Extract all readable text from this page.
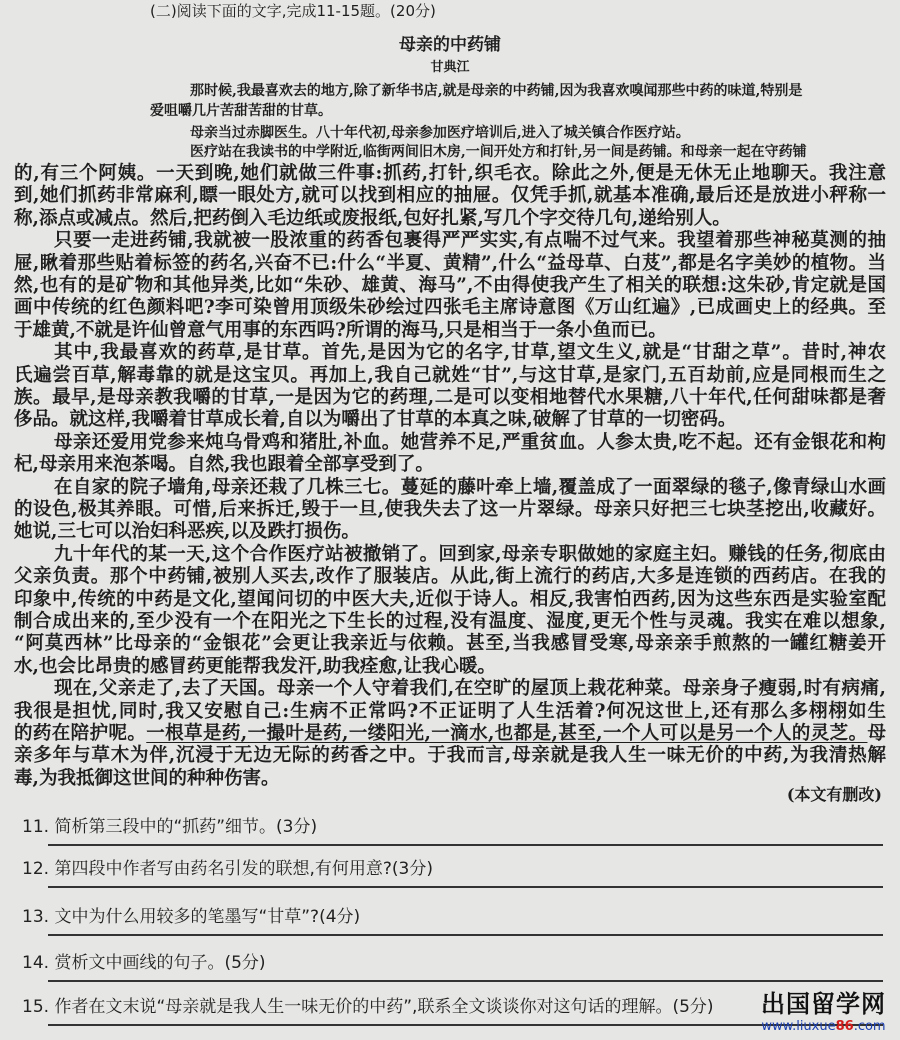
(二)阅读下面的文字,完成11-15题。(20分)
母亲的中药铺
甘典江
那时候,我最喜欢去的地方,除了新华书店,就是母亲的中药铺,因为我喜欢嗅闻那些中药的味道,特别是
爱咀嚼几片苦甜苦甜的甘草。
母亲当过赤脚医生。八十年代初,母亲参加医疗培训后,进入了城关镇合作医疗站。
医疗站在我读书的中学附近,临街两间旧木房,一间开处方和打针,另一间是药铺。和母亲一起在守药铺
的,有三个阿姨。一天到晚,她们就做三件事:抓药,打针,织毛衣。除此之外,便是无休无止地聊天。我注意
到,她们抓药非常麻利,瞟一眼处方,就可以找到相应的抽屉。仅凭手抓,就基本准确,最后还是放进小秤称一
称,添点或减点。然后,把药倒入毛边纸或废报纸,包好扎紧,写几个字交待几句,递给别人。
只要一走进药铺,我就被一股浓重的药香包裹得严严实实,有点喘不过气来。我望着那些神秘莫测的抽
屉,瞅着那些贴着标签的药名,兴奋不已:什么“半夏、黄精”,什么“益母草、白芨”,都是名字美妙的植物。当
然,也有的是矿物和其他异类,比如“朱砂、雄黄、海马”,不由得使我产生了相关的联想:这朱砂,肯定就是国
画中传统的红色颜料吧?李可染曾用顶级朱砂绘过四张毛主席诗意图《万山红遍》,已成画史上的经典。至
于雄黄,不就是许仙曾意气用事的东西吗?所谓的海马,只是相当于一条小鱼而已。
其中,我最喜欢的药草,是甘草。首先,是因为它的名字,甘草,望文生义,就是“甘甜之草”。昔时,神农
氏遍尝百草,解毒靠的就是这宝贝。再加上,我自己就姓“甘”,与这甘草,是家门,五百劫前,应是同根而生之
族。最早,是母亲教我嚼的甘草,一是因为它的药理,二是可以变相地替代水果糖,八十年代,任何甜味都是奢
侈品。就这样,我嚼着甘草成长着,自以为嚼出了甘草的本真之味,破解了甘草的一切密码。
母亲还爱用党参来炖乌骨鸡和猪肚,补血。她营养不足,严重贫血。人参太贵,吃不起。还有金银花和枸
杞,母亲用来泡茶喝。自然,我也跟着全部享受到了。
在自家的院子墙角,母亲还栽了几株三七。蔓延的藤叶牵上墙,覆盖成了一面翠绿的毯子,像青绿山水画
的设色,极其养眼。可惜,后来拆迁,毁于一旦,使我失去了这一片翠绿。母亲只好把三七块茎挖出,收藏好。
她说,三七可以治妇科恶疾,以及跌打损伤。
九十年代的某一天,这个合作医疗站被撤销了。回到家,母亲专职做她的家庭主妇。赚钱的任务,彻底由
父亲负责。那个中药铺,被别人买去,改作了服装店。从此,街上流行的药店,大多是连锁的西药店。在我的
印象中,传统的中药是文化,望闻问切的中医大夫,近似于诗人。相反,我害怕西药,因为这些东西是实验室配
制合成出来的,至少没有一个在阳光之下生长的过程,没有温度、湿度,更无个性与灵魂。我实在难以想象,
“阿莫西林”比母亲的“金银花”会更让我亲近与依赖。甚至,当我感冒受寒,母亲亲手煎熬的一罐红糖姜开
水,也会比昂贵的感冒药更能帮我发汗,助我痊愈,让我心暖。
现在,父亲走了,去了天国。母亲一个人守着我们,在空旷的屋顶上栽花种菜。母亲身子瘦弱,时有病痛,
我很是担忧,同时,我又安慰自己:生病不正常吗?不正证明了人生活着?何况这世上,还有那么多栩栩如生
的药在陪护呢。一根草是药,一撮叶是药,一缕阳光,一滴水,也都是,甚至,一个人可以是另一个人的灵芝。母
亲多年与草木为伴,沉浸于无边无际的药香之中。于我而言,母亲就是我人生一味无价的中药,为我清热解
毒,为我抵御这世间的种种伤害。
(本文有删改)
11. 简析第三段中的“抓药”细节。(3分)
12. 第四段中作者写由药名引发的联想,有何用意?(3分)
13. 文中为什么用较多的笔墨写“甘草”?(4分)
14. 赏析文中画线的句子。(5分)
15. 作者在文末说“母亲就是我人生一味无价的中药”,联系全文谈谈你对这句话的理解。(5分) 出国留学网
www.liuxue86.com
